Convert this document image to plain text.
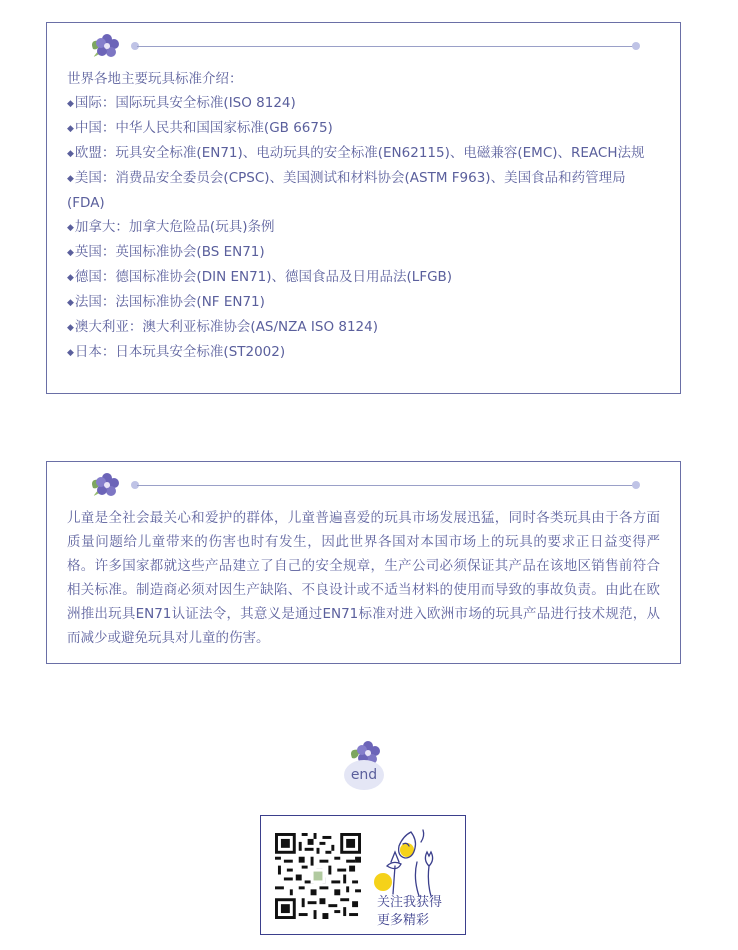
世界各地主要玩具标准介绍：

◆国际：国际玩具安全标准(ISO 8124)

◆中国：中华人民共和国国家标准(GB 6675)

◆欧盟：玩具安全标准(EN71)、电动玩具的安全标准(EN62115)、电磁兼容(EMC)、REACH法规

◆美国：消费品安全委员会(CPSC)、美国测试和材料协会(ASTM F963)、美国食品和药管理局(FDA)

◆加拿大：加拿大危险品(玩具)条例

◆英国：英国标准协会(BS EN71)

◆德国：德国标准协会(DIN EN71)、德国食品及日用品法(LFGB)

◆法国：法国标准协会(NF EN71)

◆澳大利亚：澳大利亚标准协会(AS/NZA ISO 8124)

◆日本：日本玩具安全标准(ST2002)

儿童是全社会最关心和爱护的群体，儿童普遍喜爱的玩具市场发展迅猛，同时各类玩具由于各方面质量问题给儿童带来的伤害也时有发生，因此世界各国对本国市场上的玩具的要求正日益变得严格。许多国家都就这些产品建立了自己的安全规章，生产公司必须保证其产品在该地区销售前符合相关标准。制造商必须对因生产缺陷、不良设计或不适当材料的使用而导致的事故负责。由此在欧洲推出玩具EN71认证法令，其意义是通过EN71标准对进入欧洲市场的玩具产品进行技术规范，从而减少或避免玩具对儿童的伤害。

end
关注我获得
更多精彩
